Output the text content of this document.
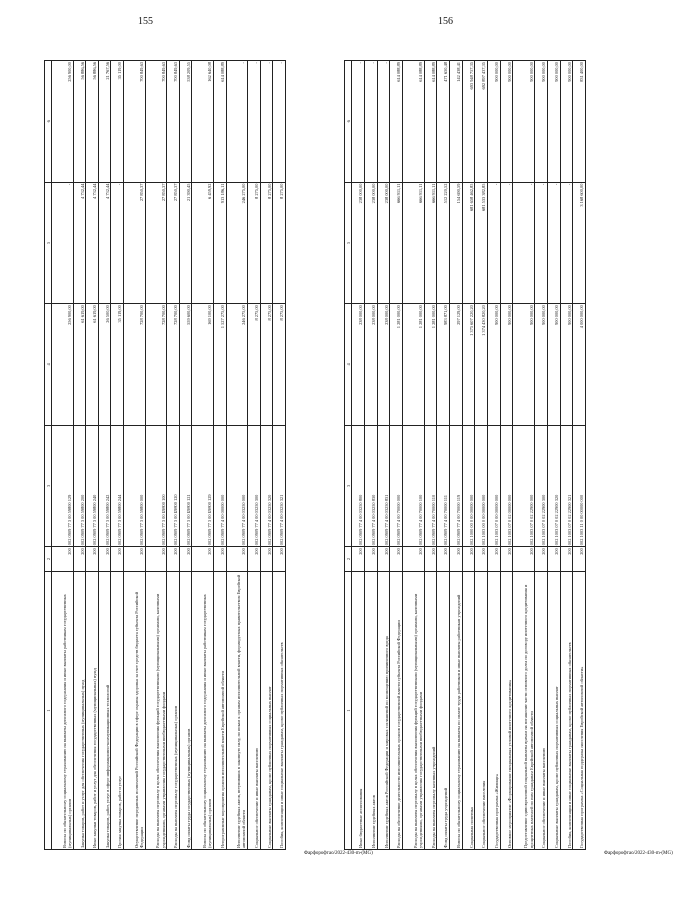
1	2	3	4	5	6
Взносы по обязательному социальному страхованию на выплаты денежного содержания и иные выплаты работникам государственных (муниципальных) органов	200	002 0909 77 3 00 59800 129	256 900,00	-	256 900,00
Закупка товаров, работ и услуг для обеспечения государственных (муниципальных) нужд	200	002 0909 77 3 00 59800 200	61 619,00	4 732,44	56 886,56
Иные закупки товаров, работ и услуг для обеспечения государственных (муниципальных) нужд	200	002 0909 77 3 00 59800 240	61 619,00	4 732,44	56 886,56
Закупка товаров, работ, услуг в сфере информационно-коммуникационных технологий	200	002 0909 77 3 00 59800 242	26 500,00	4 732,44	21 767,56
Прочая закупка товаров, работ и услуг	200	002 0909 77 3 00 59800 244	35 119,00	-	35 119,00
Осуществление переданных полномочий Российской Федерации в сфере охраны здоровья за счет средств бюджета субъекта Российской Федерации	200	002 0909 77 3 00 59800 000	728 700,00	27 850,37	700 849,63
Расходы на выплаты персоналу в целях обеспечения выполнения функций государственными (муниципальными) органами, казенными учреждениями, органами управления государственными внебюджетными фондами	200	002 0909 77 3 00 Б9800 100	728 700,00	27 850,37	700 849,63
Расходы на выплаты персоналу государственных (муниципальных) органов	200	002 0909 77 3 00 Б9800 120	728 700,00	27 850,37	700 849,63
Фонд оплаты труда государственных (муниципальных) органов	200	002 0909 77 3 00 Б9800 121	559 600,00	21 390,45	538 209,55
Взносы по обязательному социальному страхованию на выплаты денежного содержания и иные выплаты работникам государственных (муниципальных) органов	200	002 0909 77 3 00 Б9800 129	169 100,00	6 459,92	162 640,08
Непрограммные мероприятия органов исполнительной власти Еврейской автономной области	200	002 0909 77 4 00 00000 000	1 527 275,00	913 186,11	614 088,89
Исполнение судебных актов, вступивших в законную силу, по искам к органам исполнительной власти, формируемых правительством Еврейской автономной области	200	002 0909 77 4 00 03250 000	246 275,00	246 275,00	-
Социальное обеспечение и иные выплаты населению	200	002 0909 77 4 00 03250 300	8 275,00	8 275,00	-
Социальные выплаты гражданам, кроме публичных нормативных социальных выплат	200	002 0909 77 4 00 03250 320	8 275,00	8 275,00	-
Пособия, компенсации и иные социальные выплаты гражданам, кроме публичных нормативных обязательств	200	002 0909 77 4 00 03250 321	8 275,00	8 275,00	-
155
Фарфорофтао/2022-430-m-(MG)
1	2	3	4	5	6
Иные бюджетные ассигнования	200	002 0909 77 4 00 03250 800	238 000,00	238 000,00	-
Исполнение судебных актов	200	002 0909 77 4 00 03250 830	238 000,00	238 000,00	-
Исполнение судебных актов Российской Федерации и мировых соглашений по возмещению причиненного вреда	200	002 0909 77 4 00 03250 831	238 000,00	238 000,00	-
Расходы на обеспечение деятельности исполнительных органов государственной власти субъекта Российской Федерации	200	002 0909 77 4 00 70000 000	1 281 000,00	666 911,11	614 088,89
Расходы на выплаты персоналу в целях обеспечения выполнения функций государственными (муниципальными) органами, казенными учреждениями, органами управления государственными внебюджетными фондами	200	002 0909 77 4 00 70000 100	1 281 000,00	666 911,11	614 088,89
Расходы на выплаты персоналу казенных учреждений	200	002 0909 77 4 00 70000 110	1 281 000,00	666 911,11	614 088,89
Фонд оплаты труда учреждений	200	002 0909 77 4 00 70000 111	983 871,00	512 220,52	471 650,48
Взносы по обязательному социальному страхованию на выплаты по оплате труда работников и иные выплаты работникам учреждений	200	002 0909 77 4 00 70000 119	297 129,00	154 690,59	142 438,41
Социальная политика	200	002 1000 00 0 00 00000 000	1 375 607 220,20	681 658 462,85	693 948 757,35
Социальное обеспечение населения	200	002 1003 00 0 00 00000 000	1 374 430 820,20	681 533 382,85	692 897 437,35
Государственная программа «Жилище»	200	002 1003 07 0 00 00000 000	900 000,00	-	900 000,00
Основное мероприятие «Формирование специальных условий ипотечного кредитования»	200	002 1003 07 0 02 00000 000	900 000,00	-	900 000,00
Предоставление единовременной социальной выплаты врачам на погашение части основного долга по договору ипотечного кредитования и процентных платежей по ним гражданам Еврейской автономной области	200	002 1003 07 0 02 22900 000	900 000,00	-	900 000,00
Социальное обеспечение и иные выплаты населению	200	002 1003 07 0 02 22900 300	900 000,00	-	900 000,00
Социальные выплаты гражданам, кроме публичных нормативных социальных выплат	200	002 1003 07 0 02 22900 320	900 000,00	-	900 000,00
Пособия, компенсации и иные социальные выплаты гражданам, кроме публичных нормативных обязательств	200	002 1003 07 0 02 22900 321	900 000,00	-	900 000,00
Государственная программа «Социальная поддержка населения Еврейской автономной области»	200	002 1003 11 0 00 00000 000	4 000 000,00	3 168 600,00	831 400,00
156
Фарфорофтао/2022-430-m-(MG)
